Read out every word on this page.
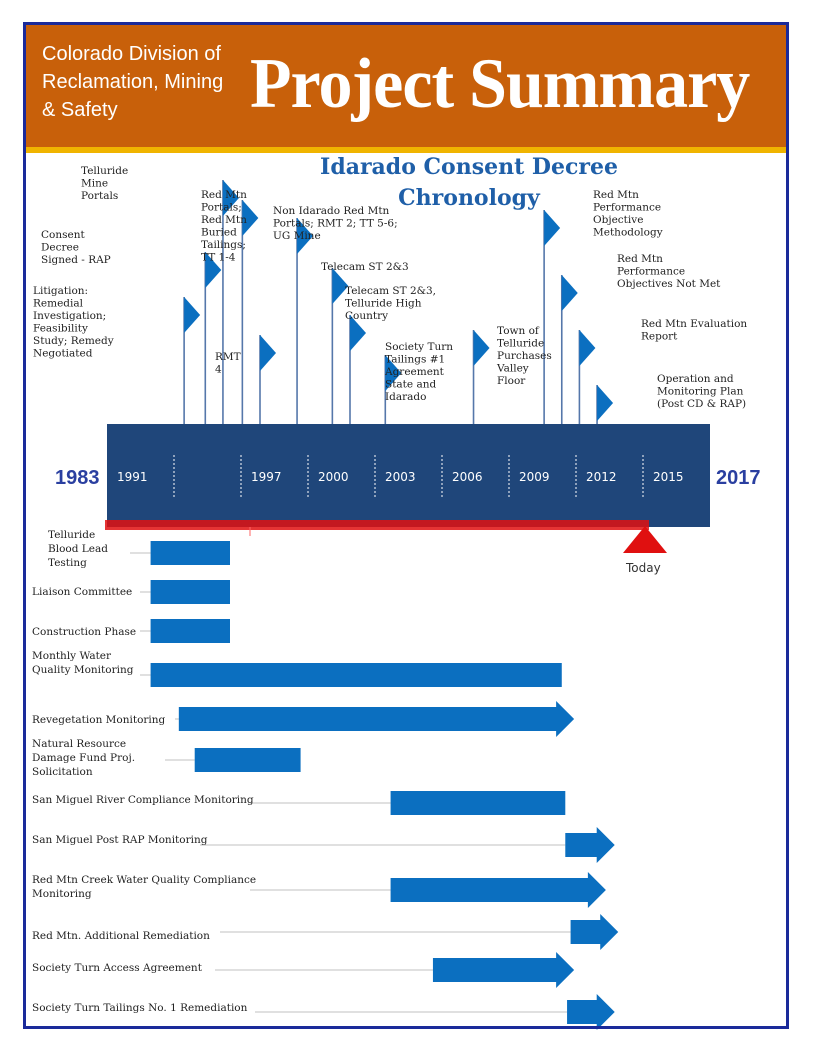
Colorado Division of Reclamation, Mining & Safety	Project Summary
Idarado Consent Decree Chronology
Litigation: Remedial Investigation; Feasibility Study; Remedy Negotiated
Consent Decree Signed - RAP
Telluride Mine Portals	Red Mtn Portals; Red Mtn Buried Tailings; TT 1-4
RMT 4
Non Idarado Red Mtn Portals; RMT 2; TT 5-6; UG Mine
Telecam ST 2&3
Telecam ST 2&3, Telluride High Country
Society Turn Tailings #1 Agreement State and Idarado
Town of Telluride Purchases Valley Floor
Red Mtn Performance Objective Methodology
Red Mtn Performance Objectives Not Met
Red Mtn Evaluation Report
Operation and Monitoring Plan (Post CD & RAP)
1991	1997	2000	2003	2006	2009	2012	2015
1983	2017
Today
Telluride Blood Lead Testing
Liaison Committee
Construction Phase
Monthly Water Quality Monitoring
Revegetation Monitoring
Natural Resource Damage Fund Proj. Solicitation
San Miguel River Compliance Monitoring
San Miguel Post RAP Monitoring
Red Mtn Creek Water Quality Compliance Monitoring
Red Mtn. Additional Remediation
Society Turn Access Agreement
Society Turn Tailings No. 1 Remediation
